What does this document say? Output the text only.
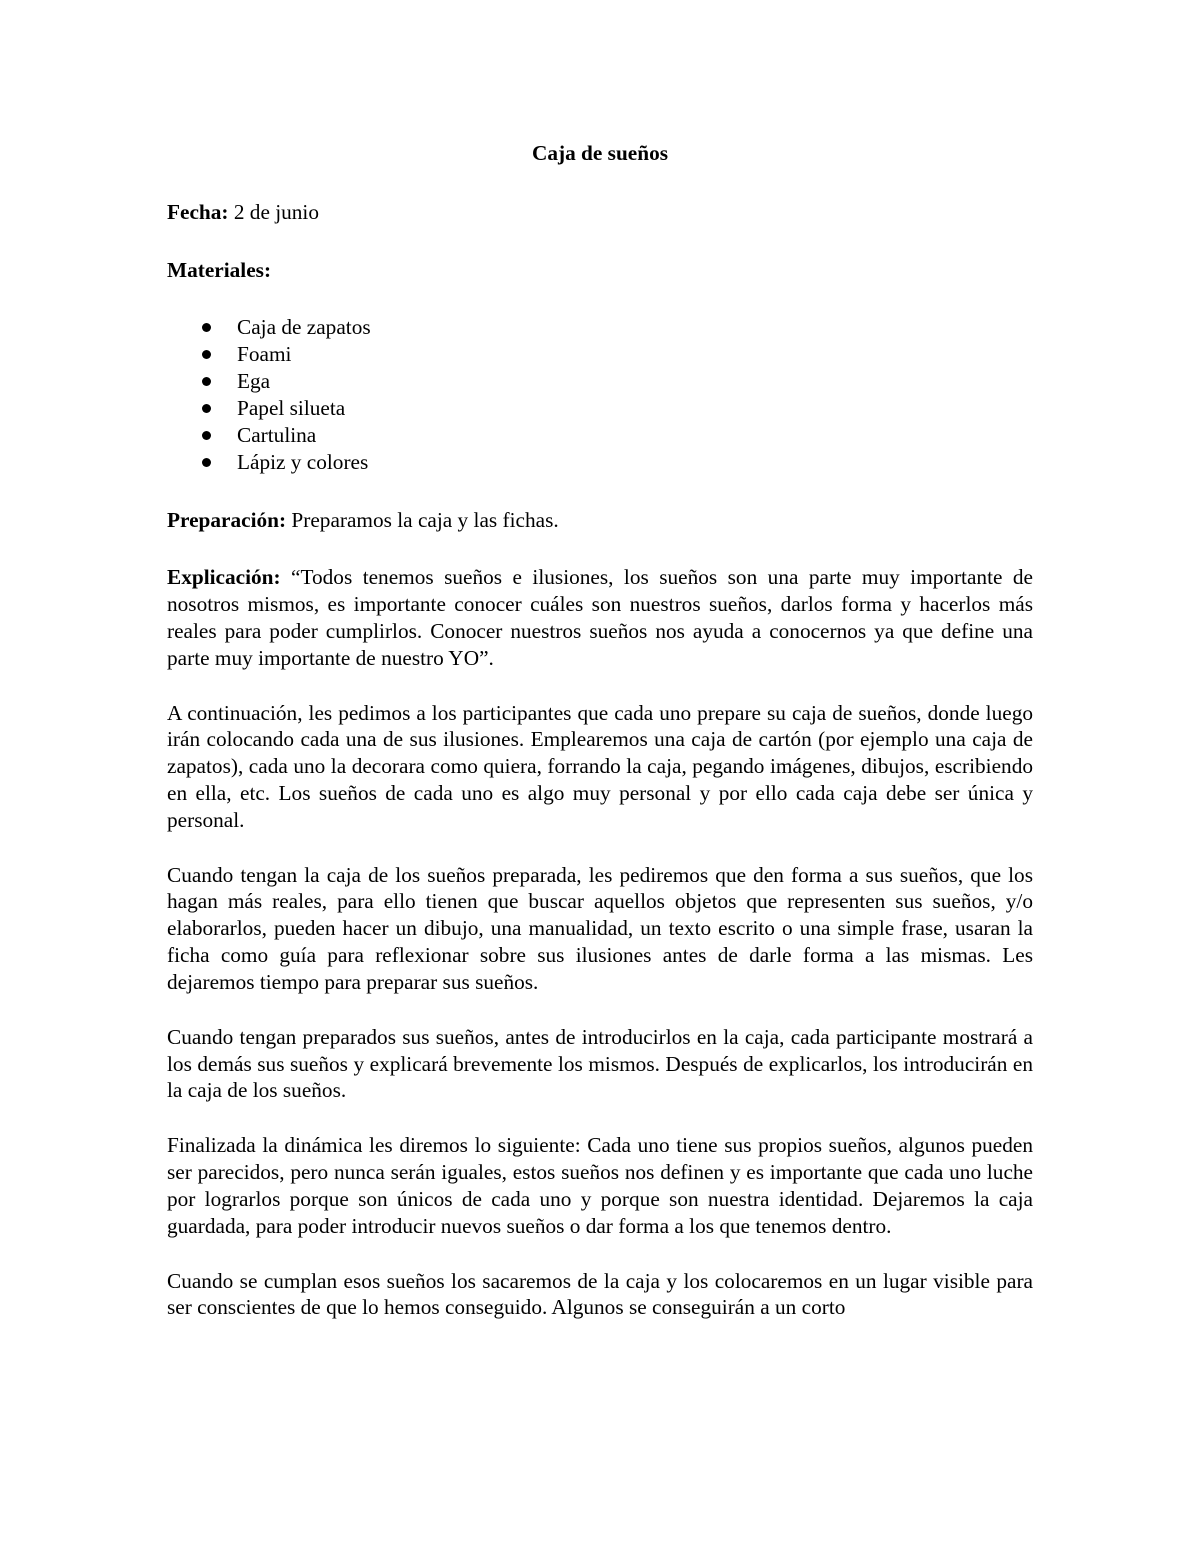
Caja de sueños
Fecha: 2 de junio
Materiales:
Caja de zapatos
Foami
Ega
Papel silueta
Cartulina
Lápiz y colores
Preparación: Preparamos la caja y las fichas.

Explicación: “Todos tenemos sueños e ilusiones, los sueños son una parte muy importante de nosotros mismos, es importante conocer cuáles son nuestros sueños, darlos forma y hacerlos más reales para poder cumplirlos. Conocer nuestros sueños nos ayuda a conocernos ya que define una parte muy importante de nuestro YO”.

A continuación, les pedimos a los participantes que cada uno prepare su caja de sueños, donde luego irán colocando cada una de sus ilusiones. Emplearemos una caja de cartón (por ejemplo una caja de zapatos), cada uno la decorara como quiera, forrando la caja, pegando imágenes, dibujos, escribiendo en ella, etc. Los sueños de cada uno es algo muy personal y por ello cada caja debe ser única y personal.

Cuando tengan la caja de los sueños preparada, les pediremos que den forma a sus sueños, que los hagan más reales, para ello tienen que buscar aquellos objetos que representen sus sueños, y/o elaborarlos, pueden hacer un dibujo, una manualidad, un texto escrito o una simple frase, usaran la ficha como guía para reflexionar sobre sus ilusiones antes de darle forma a las mismas. Les dejaremos tiempo para preparar sus sueños.

Cuando tengan preparados sus sueños, antes de introducirlos en la caja, cada participante mostrará a los demás sus sueños y explicará brevemente los mismos. Después de explicarlos, los introducirán en la caja de los sueños.

Finalizada la dinámica les diremos lo siguiente: Cada uno tiene sus propios sueños, algunos pueden ser parecidos, pero nunca serán iguales, estos sueños nos definen y es importante que cada uno luche por lograrlos porque son únicos de cada uno y porque son nuestra identidad. Dejaremos la caja guardada, para poder introducir nuevos sueños o dar forma a los que tenemos dentro.

Cuando se cumplan esos sueños los sacaremos de la caja y los colocaremos en un lugar visible para ser conscientes de que lo hemos conseguido. Algunos se conseguirán a un corto
